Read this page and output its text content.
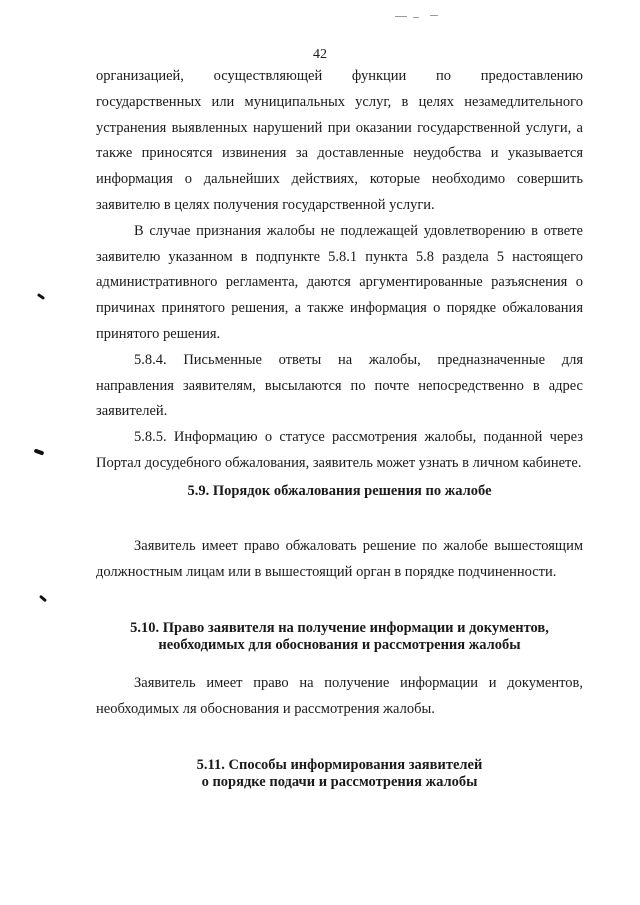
42

организацией, осуществляющей функции по предоставлению государственных или муниципальных услуг, в целях незамедлительного устранения выявленных нарушений при оказании государственной услуги, а также приносятся извинения за доставленные неудобства и указывается информация о дальнейших действиях, которые необходимо совершить заявителю в целях получения государственной услуги.

В случае признания жалобы не подлежащей удовлетворению в ответе заявителю указанном в подпункте 5.8.1 пункта 5.8 раздела 5 настоящего административного регламента, даются аргументированные разъяснения о причинах принятого решения, а также информация о порядке обжалования принятого решения.

5.8.4. Письменные ответы на жалобы, предназначенные для направления заявителям, высылаются по почте непосредственно в адрес заявителей.

5.8.5. Информацию о статусе рассмотрения жалобы, поданной через Портал досудебного обжалования, заявитель может узнать в личном кабинете.

5.9. Порядок обжалования решения по жалобе

Заявитель имеет право обжаловать решение по жалобе вышестоящим должностным лицам или в вышестоящий орган в порядке подчиненности.

5.10. Право заявителя на получение информации и документов,
необходимых для обоснования и рассмотрения жалобы

Заявитель имеет право на получение информации и документов, необходимых ля обоснования и рассмотрения жалобы.

5.11. Способы информирования заявителей
о порядке подачи и рассмотрения жалобы
